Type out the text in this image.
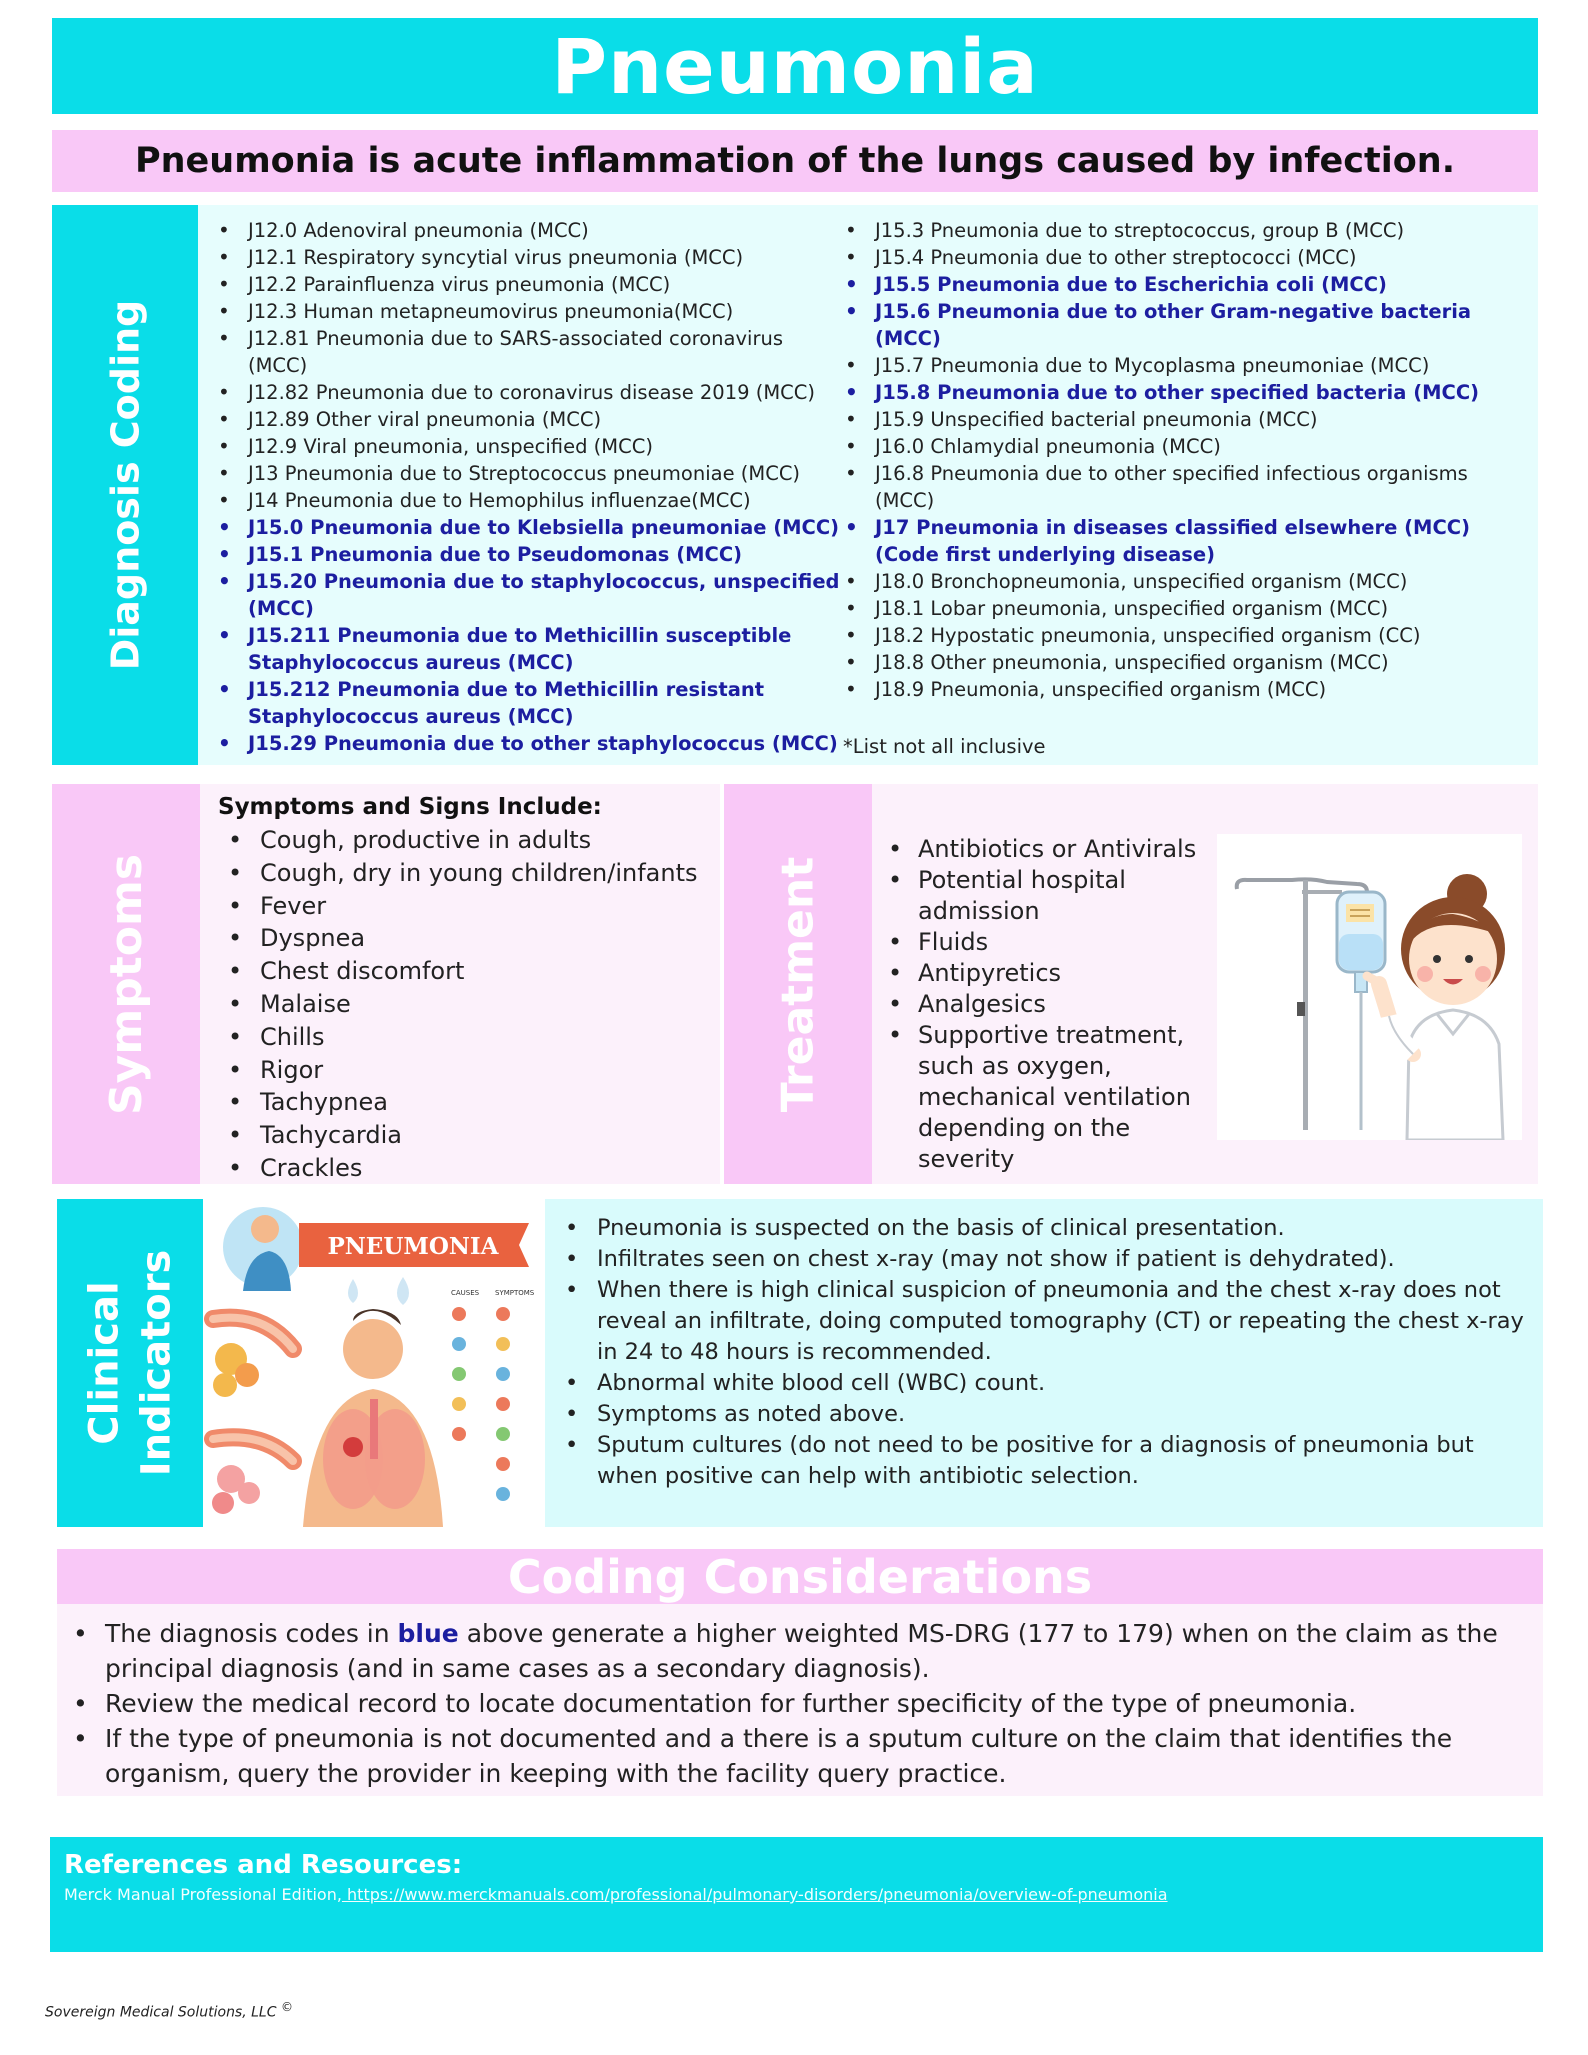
Pneumonia

Pneumonia is acute inflammation of the lungs caused by infection.

Diagnosis Coding
• J12.0 Adenoviral pneumonia (MCC)
• J12.1 Respiratory syncytial virus pneumonia (MCC)
• J12.2 Parainfluenza virus pneumonia (MCC)
• J12.3 Human metapneumovirus pneumonia(MCC)
• J12.81 Pneumonia due to SARS-associated coronavirus (MCC)
• J12.82 Pneumonia due to coronavirus disease 2019 (MCC)
• J12.89 Other viral pneumonia (MCC)
• J12.9 Viral pneumonia, unspecified (MCC)
• J13 Pneumonia due to Streptococcus pneumoniae (MCC)
• J14 Pneumonia due to Hemophilus influenzae(MCC)
• J15.0 Pneumonia due to Klebsiella pneumoniae (MCC)
• J15.1 Pneumonia due to Pseudomonas (MCC)
• J15.20 Pneumonia due to staphylococcus, unspecified (MCC)
• J15.211 Pneumonia due to Methicillin susceptible Staphylococcus aureus (MCC)
• J15.212 Pneumonia due to Methicillin resistant Staphylococcus aureus (MCC)
• J15.29 Pneumonia due to other staphylococcus (MCC)
• J15.3 Pneumonia due to streptococcus, group B (MCC)
• J15.4 Pneumonia due to other streptococci (MCC)
• J15.5 Pneumonia due to Escherichia coli (MCC)
• J15.6 Pneumonia due to other Gram-negative bacteria (MCC)
• J15.7 Pneumonia due to Mycoplasma pneumoniae (MCC)
• J15.8 Pneumonia due to other specified bacteria (MCC)
• J15.9 Unspecified bacterial pneumonia (MCC)
• J16.0 Chlamydial pneumonia (MCC)
• J16.8 Pneumonia due to other specified infectious organisms (MCC)
• J17 Pneumonia in diseases classified elsewhere (MCC) (Code first underlying disease)
• J18.0 Bronchopneumonia, unspecified organism (MCC)
• J18.1 Lobar pneumonia, unspecified organism (MCC)
• J18.2 Hypostatic pneumonia, unspecified organism (CC)
• J18.8 Other pneumonia, unspecified organism (MCC)
• J18.9 Pneumonia, unspecified organism (MCC)

*List not all inclusive

Symptoms
Symptoms and Signs Include:
• Cough, productive in adults
• Cough, dry in young children/infants
• Fever
• Dyspnea
• Chest discomfort
• Malaise
• Chills
• Rigor
• Tachypnea
• Tachycardia
• Crackles
Treatment
• Antibiotics or Antivirals
• Potential hospital admission
• Fluids
• Antipyretics
• Analgesics
• Supportive treatment, such as oxygen, mechanical ventilation depending on the severity
Clinical Indicators
PNEUMONIA
CAUSES SYMPTOMS
• Pneumonia is suspected on the basis of clinical presentation.
• Infiltrates seen on chest x-ray (may not show if patient is dehydrated).
• When there is high clinical suspicion of pneumonia and the chest x-ray does not reveal an infiltrate, doing computed tomography (CT) or repeating the chest x-ray in 24 to 48 hours is recommended.
• Abnormal white blood cell (WBC) count.
• Symptoms as noted above.
• Sputum cultures (do not need to be positive for a diagnosis of pneumonia but when positive can help with antibiotic selection.
Coding Considerations
• The diagnosis codes in blue above generate a higher weighted MS-DRG (177 to 179) when on the claim as the principal diagnosis (and in same cases as a secondary diagnosis).
• Review the medical record to locate documentation for further specificity of the type of pneumonia.
• If the type of pneumonia is not documented and a there is a sputum culture on the claim that identifies the organism, query the provider in keeping with the facility query practice.
References and Resources:

Merck Manual Professional Edition, https://www.merckmanuals.com/professional/pulmonary-disorders/pneumonia/overview-of-pneumonia

Sovereign Medical Solutions, LLC ©
